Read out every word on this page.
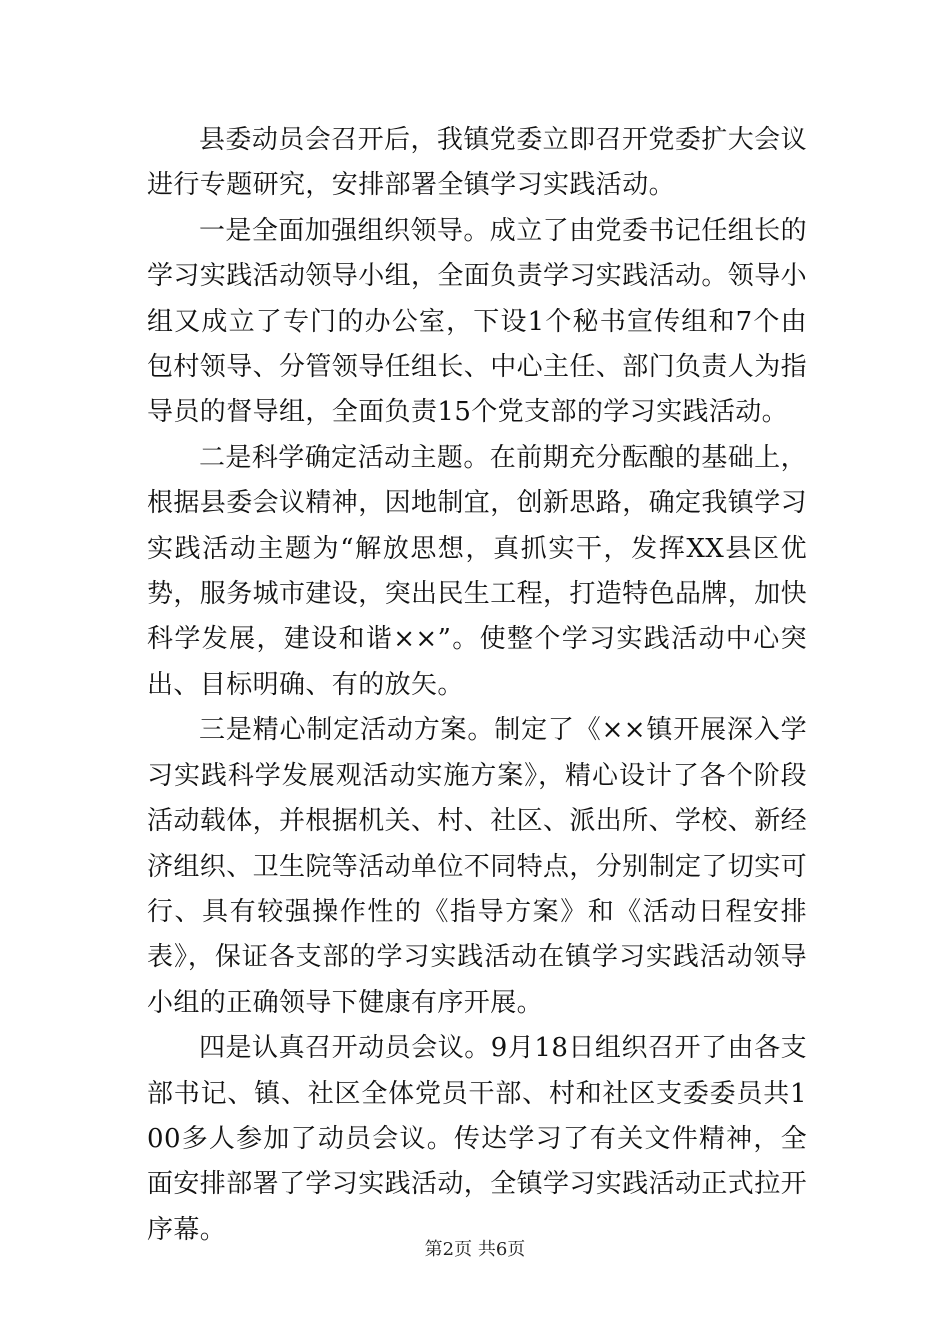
县委动员会召开后，我镇党委立即召开党委扩大会议进行专题研究，安排部署全镇学习实践活动。

一是全面加强组织领导。成立了由党委书记任组长的学习实践活动领导小组，全面负责学习实践活动。领导小组又成立了专门的办公室，下设1个秘书宣传组和7个由包村领导、分管领导任组长、中心主任、部门负责人为指导员的督导组，全面负责15个党支部的学习实践活动。

二是科学确定活动主题。在前期充分酝酿的基础上，根据县委会议精神，因地制宜，创新思路，确定我镇学习实践活动主题为“解放思想，真抓实干，发挥XX县区优势，服务城市建设，突出民生工程，打造特色品牌，加快科学发展，建设和谐××”。使整个学习实践活动中心突出、目标明确、有的放矢。

三是精心制定活动方案。制定了《××镇开展深入学习实践科学发展观活动实施方案》，精心设计了各个阶段活动载体，并根据机关、村、社区、派出所、学校、新经济组织、卫生院等活动单位不同特点，分别制定了切实可行、具有较强操作性的《指导方案》和《活动日程安排表》，保证各支部的学习实践活动在镇学习实践活动领导小组的正确领导下健康有序开展。

四是认真召开动员会议。9月18日组织召开了由各支部书记、镇、社区全体党员干部、村和社区支委委员共100多人参加了动员会议。传达学习了有关文件精神，全面安排部署了学习实践活动，全镇学习实践活动正式拉开序幕。

第2页 共6页
